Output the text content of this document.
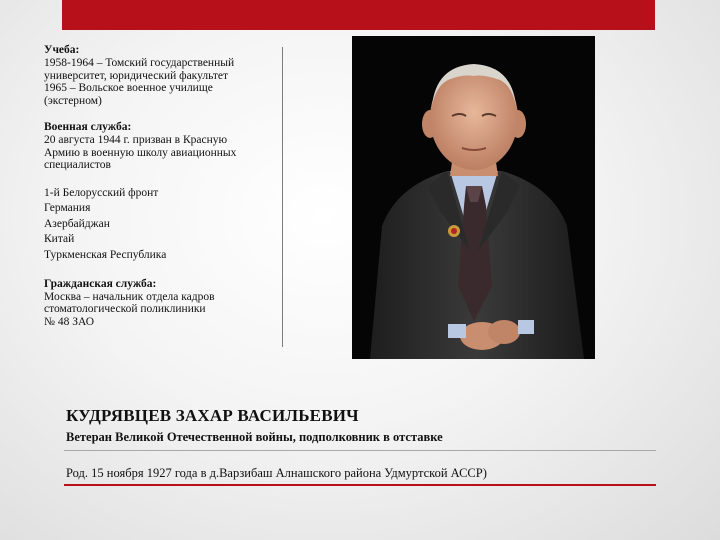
Учеба:
1958-1964 – Томский государственный
университет, юридический факультет
1965 – Вольское военное училище
(экстерном)
Военная служба:
20 августа 1944 г. призван в Красную
Армию в военную школу авиационных
специалистов
1-й Белорусский фронт
Германия
Азербайджан
Китай
Туркменская Республика
Гражданская служба:
Москва – начальник отдела кадров
стоматологической поликлиники
№ 48 ЗАО
КУДРЯВЦЕВ ЗАХАР ВАСИЛЬЕВИЧ
Ветеран Великой Отечественной войны, подполковник в отставке
Род. 15 ноября 1927 года в д.Варзибаш Алнашского района Удмуртской АССР)
